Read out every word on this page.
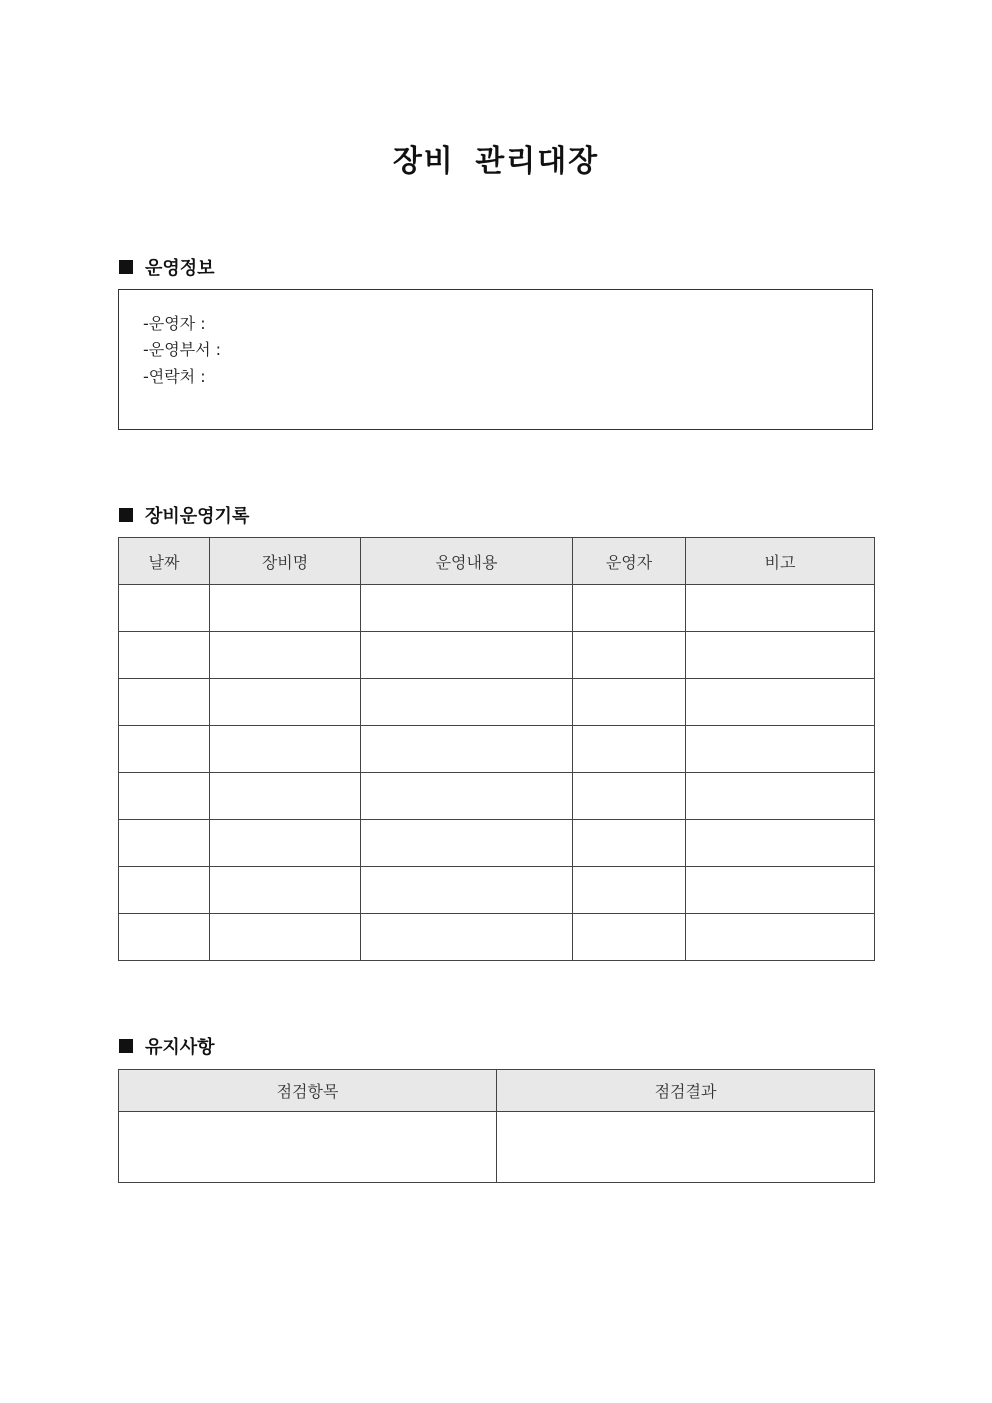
장비 관리대장
운영정보
-운영자 :
-운영부서 :
-연락처 :
장비운영기록
날짜	장비명	운영내용	운영자	비고

유지사항
점검항목	점검결과
